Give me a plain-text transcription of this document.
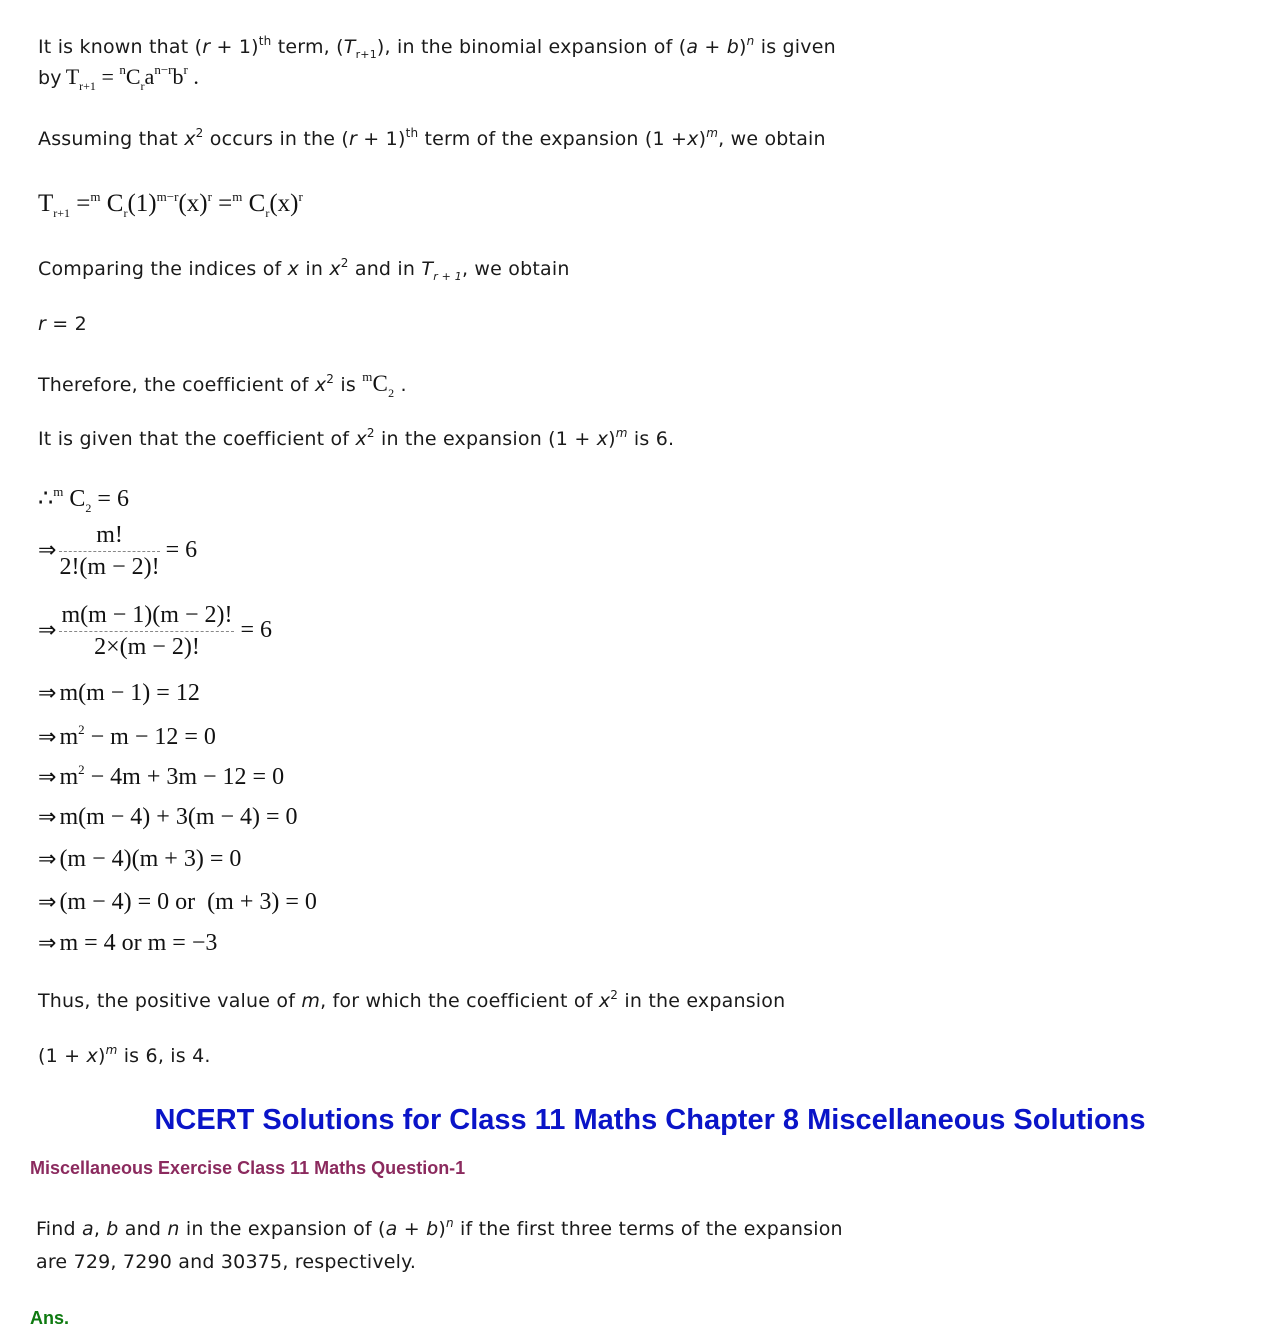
It is known that $(r + 1)^{th}$ term, $(T_{r+1})$, in the binomial expansion of $(a + b)^n$ is given
by $T_{r+1} = ^nC_ra^{n-r}b^r$ .
Assuming that $x^2$ occurs in the $(r + 1)^{th}$ term of the expansion $(1 +x)^m$, we obtain
$T_{r+1} =^m$ $C_r(1)^{m-r}(x)^r =^m$ $C_r(x)^r$
Comparing the indices of x in $x^2$ and in $T_{r + 1}$, we obtain
r = 2
Therefore, the coefficient of $x^2$ is $^mC_2$ .
It is given that the coefficient of $x^2$ in the expansion $(1 + x)^m$ is 6.
∴$^m$ $C_2 = 6$
⇒ $\frac{m!}{2!(m - 2)!} = 6$
⇒ $\frac{m(m - 1)(m - 2)!}{2\times(m - 2)!} = 6$
⇒ m(m − 1) = 12
⇒ $m^2 - m - 12 = 0$
⇒ $m^2 - 4m + 3m - 12 = 0$
⇒ m(m − 4) + 3(m − 4) = 0
⇒ (m − 4)(m + 3) = 0
⇒ (m − 4) = 0 or  (m + 3) = 0
⇒ m = 4 or m = −3
Thus, the positive value of m, for which the coefficient of $x^2$ in the expansion
$(1 + x)^m$ is 6, is 4.
NCERT Solutions for Class 11 Maths Chapter 8 Miscellaneous Solutions
Miscellaneous Exercise Class 11 Maths Question-1
Find a, b and n in the expansion of $(a + b)^n$ if the first three terms of the expansion
are 729, 7290 and 30375, respectively.
Ans.
